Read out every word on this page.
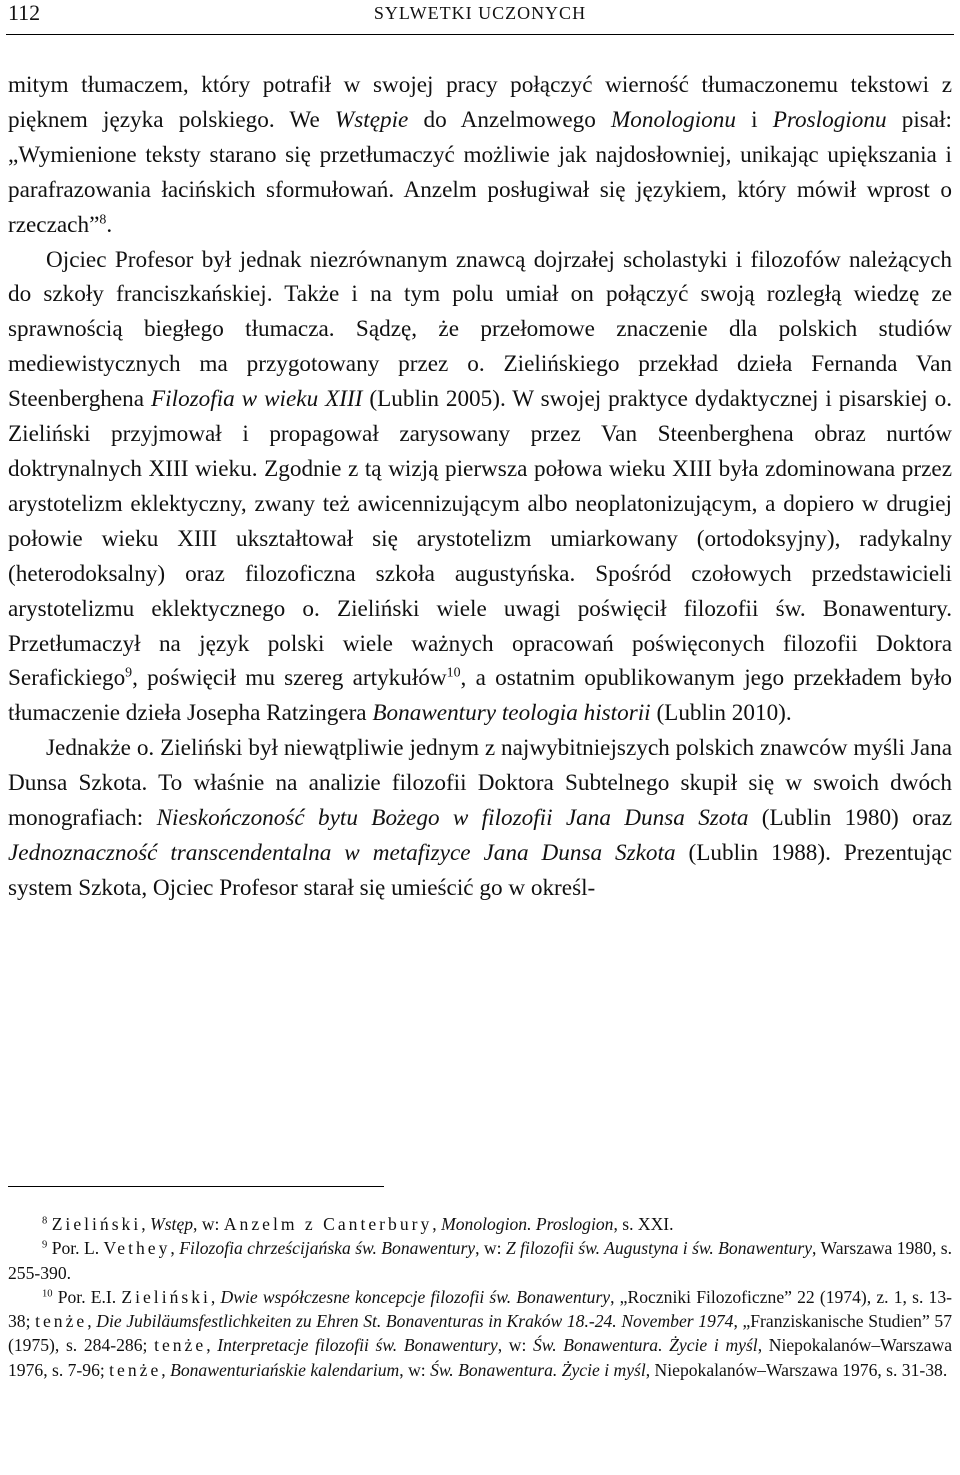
112	SYLWETKI UCZONYCH

mitym tłumaczem, który potrafił w swojej pracy połączyć wierność tłumaczonemu tekstowi z pięknem języka polskiego. We Wstępie do Anzelmowego Monologionu i Proslogionu pisał: „Wymienione teksty starano się przetłumaczyć możliwie jak najdosłowniej, unikając upiększania i parafrazowania łacińskich sformułowań. Anzelm posługiwał się językiem, który mówił wprost o rzeczach”$^8$.

Ojciec Profesor był jednak niezrównanym znawcą dojrzałej scholastyki i filozofów należących do szkoły franciszkańskiej. Także i na tym polu umiał on połączyć swoją rozległą wiedzę ze sprawnością biegłego tłumacza. Sądzę, że przełomowe znaczenie dla polskich studiów mediewistycznych ma przygotowany przez o. Zielińskiego przekład dzieła Fernanda Van Steenberghena Filozofia w wieku XIII (Lublin 2005). W swojej praktyce dydaktycznej i pisarskiej o. Zieliński przyjmował i propagował zarysowany przez Van Steenberghena obraz nurtów doktrynalnych XIII wieku. Zgodnie z tą wizją pierwsza połowa wieku XIII była zdominowana przez arystotelizm eklektyczny, zwany też awicennizującym albo neoplatonizującym, a dopiero w drugiej połowie wieku XIII ukształtował się arystotelizm umiarkowany (ortodoksyjny), radykalny (heterodoksalny) oraz filozoficzna szkoła augustyńska. Spośród czołowych przedstawicieli arystotelizmu eklektycznego o. Zieliński wiele uwagi poświęcił filozofii św. Bonawentury. Przetłumaczył na język polski wiele ważnych opracowań poświęconych filozofii Doktora Serafickiego$^9$, poświęcił mu szereg artykułów$^{10}$, a ostatnim opublikowanym jego przekładem było tłumaczenie dzieła Josepha Ratzingera Bonawentury teologia historii (Lublin 2010).

Jednakże o. Zieliński był niewątpliwie jednym z najwybitniejszych polskich znawców myśli Jana Dunsa Szkota. To właśnie na analizie filozofii Doktora Subtelnego skupił się w swoich dwóch monografiach: Nieskończoność bytu Bożego w filozofii Jana Dunsa Szota (Lublin 1980) oraz Jednoznaczność transcendentalna w metafizyce Jana Dunsa Szkota (Lublin 1988). Prezentując system Szkota, Ojciec Profesor starał się umieścić go w określ-

$^8$ Zieliński, Wstęp, w: Anzelm z Canterbury, Monologion. Proslogion, s. XXI.

$^9$ Por. L. Vethey, Filozofia chrześcijańska św. Bonawentury, w: Z filozofii św. Augustyna i św. Bonawentury, Warszawa 1980, s. 255-390.

$^{10}$ Por. E.I. Zieliński, Dwie współczesne koncepcje filozofii św. Bonawentury, „Roczniki Filozoficzne” 22 (1974), z. 1, s. 13-38; tenże, Die Jubiläumsfestlichkeiten zu Ehren St. Bonaventuras in Kraków 18.-24. November 1974, „Franziskanische Studien” 57 (1975), s. 284-286; tenże, Interpretacje filozofii św. Bonawentury, w: Św. Bonawentura. Życie i myśl, Niepokalanów–Warszawa 1976, s. 7-96; tenże, Bonawenturiańskie kalendarium, w: Św. Bonawentura. Życie i myśl, Niepokalanów–Warszawa 1976, s. 31-38.
